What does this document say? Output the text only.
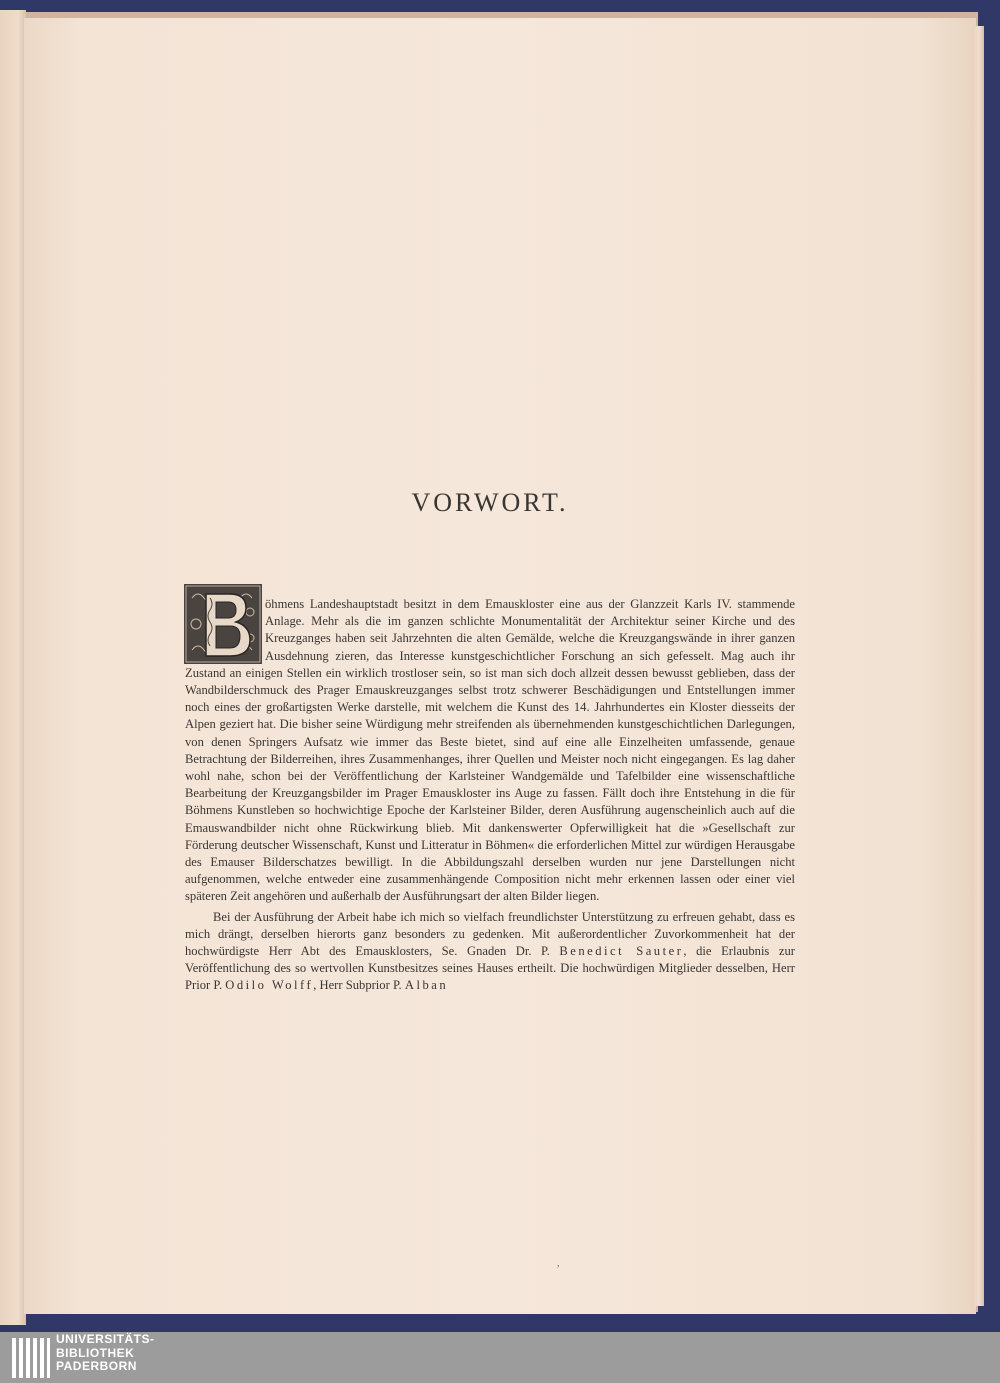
VORWORT.

öhmens Landeshauptstadt besitzt in dem Emauskloster eine aus der Glanzzeit Karls IV. stammende Anlage. Mehr als die im ganzen schlichte Monumentalität der Architektur seiner Kirche und des Kreuzganges haben seit Jahrzehnten die alten Gemälde, welche die Kreuzgangswände in ihrer ganzen Ausdehnung zieren, das Interesse kunstgeschichtlicher Forschung an sich gefesselt. Mag auch ihr Zustand an einigen Stellen ein wirklich trostloser sein, so ist man sich doch allzeit dessen bewusst geblieben, dass der Wandbilderschmuck des Prager Emauskreuzganges selbst trotz schwerer Beschädigungen und Entstellungen immer noch eines der großartigsten Werke darstelle, mit welchem die Kunst des 14. Jahrhundertes ein Kloster diesseits der Alpen geziert hat. Die bisher seine Würdigung mehr streifenden als übernehmenden kunstgeschichtlichen Darlegungen, von denen Springers Aufsatz wie immer das Beste bietet, sind auf eine alle Einzelheiten umfassende, genaue Betrachtung der Bilderreihen, ihres Zusammenhanges, ihrer Quellen und Meister noch nicht eingegangen. Es lag daher wohl nahe, schon bei der Veröffentlichung der Karlsteiner Wandgemälde und Tafelbilder eine wissenschaftliche Bearbeitung der Kreuzgangsbilder im Prager Emauskloster ins Auge zu fassen. Fällt doch ihre Entstehung in die für Böhmens Kunstleben so hochwichtige Epoche der Karlsteiner Bilder, deren Ausführung augenscheinlich auch auf die Emauswandbilder nicht ohne Rückwirkung blieb. Mit dankenswerter Opferwilligkeit hat die »Gesellschaft zur Förderung deutscher Wissenschaft, Kunst und Litteratur in Böhmen« die erforderlichen Mittel zur würdigen Herausgabe des Emauser Bilderschatzes bewilligt. In die Abbildungszahl derselben wurden nur jene Darstellungen nicht aufgenommen, welche entweder eine zusammenhängende Composition nicht mehr erkennen lassen oder einer viel späteren Zeit angehören und außerhalb der Ausführungsart der alten Bilder liegen.

Bei der Ausführung der Arbeit habe ich mich so vielfach freundlichster Unterstützung zu erfreuen gehabt, dass es mich drängt, derselben hierorts ganz besonders zu gedenken. Mit außerordentlicher Zuvorkommenheit hat der hochwürdigste Herr Abt des Emausklosters, Se. Gnaden Dr. P. Benedict Sauter, die Erlaubnis zur Veröffentlichung des so wertvollen Kunstbesitzes seines Hauses ertheilt. Die hochwürdigen Mitglieder desselben, Herr Prior P. Odilo Wolff, Herr Subprior P. Alban

,
UNIVERSITÄTS-
BIBLIOTHEK
PADERBORN
